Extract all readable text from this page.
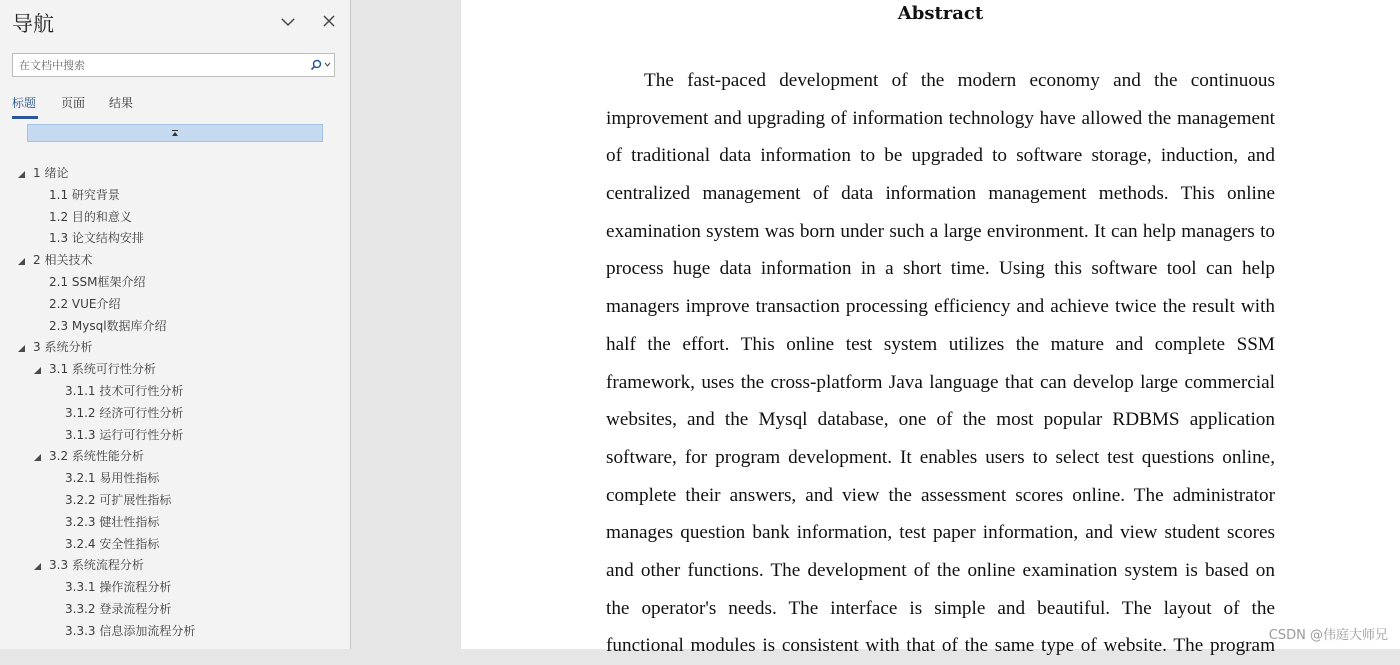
导航
在文档中搜索
标题 页面 结果
1 绪论
1.1 研究背景
1.2 目的和意义
1.3 论文结构安排
2 相关技术
2.1 SSM框架介绍
2.2 VUE介绍
2.3 Mysql数据库介绍
3 系统分析
3.1 系统可行性分析
3.1.1 技术可行性分析
3.1.2 经济可行性分析
3.1.3 运行可行性分析
3.2 系统性能分析
3.2.1 易用性指标
3.2.2 可扩展性指标
3.2.3 健壮性指标
3.2.4 安全性指标
3.3 系统流程分析
3.3.1 操作流程分析
3.3.2 登录流程分析
3.3.3 信息添加流程分析
Abstract
The fast-paced development of the modern economy and the continuous
improvement and upgrading of information technology have allowed the management
of traditional data information to be upgraded to software storage, induction, and
centralized management of data information management methods. This online
examination system was born under such a large environment. It can help managers to
process huge data information in a short time. Using this software tool can help
managers improve transaction processing efficiency and achieve twice the result with
half the effort. This online test system utilizes the mature and complete SSM
framework, uses the cross-platform Java language that can develop large commercial
websites, and the Mysql database, one of the most popular RDBMS application
software, for program development. It enables users to select test questions online,
complete their answers, and view the assessment scores online. The administrator
manages question bank information, test paper information, and view student scores
and other functions. The development of the online examination system is based on
the operator's needs. The interface is simple and beautiful. The layout of the
functional modules is consistent with that of the same type of website. The program
CSDN @伟庭大师兄
